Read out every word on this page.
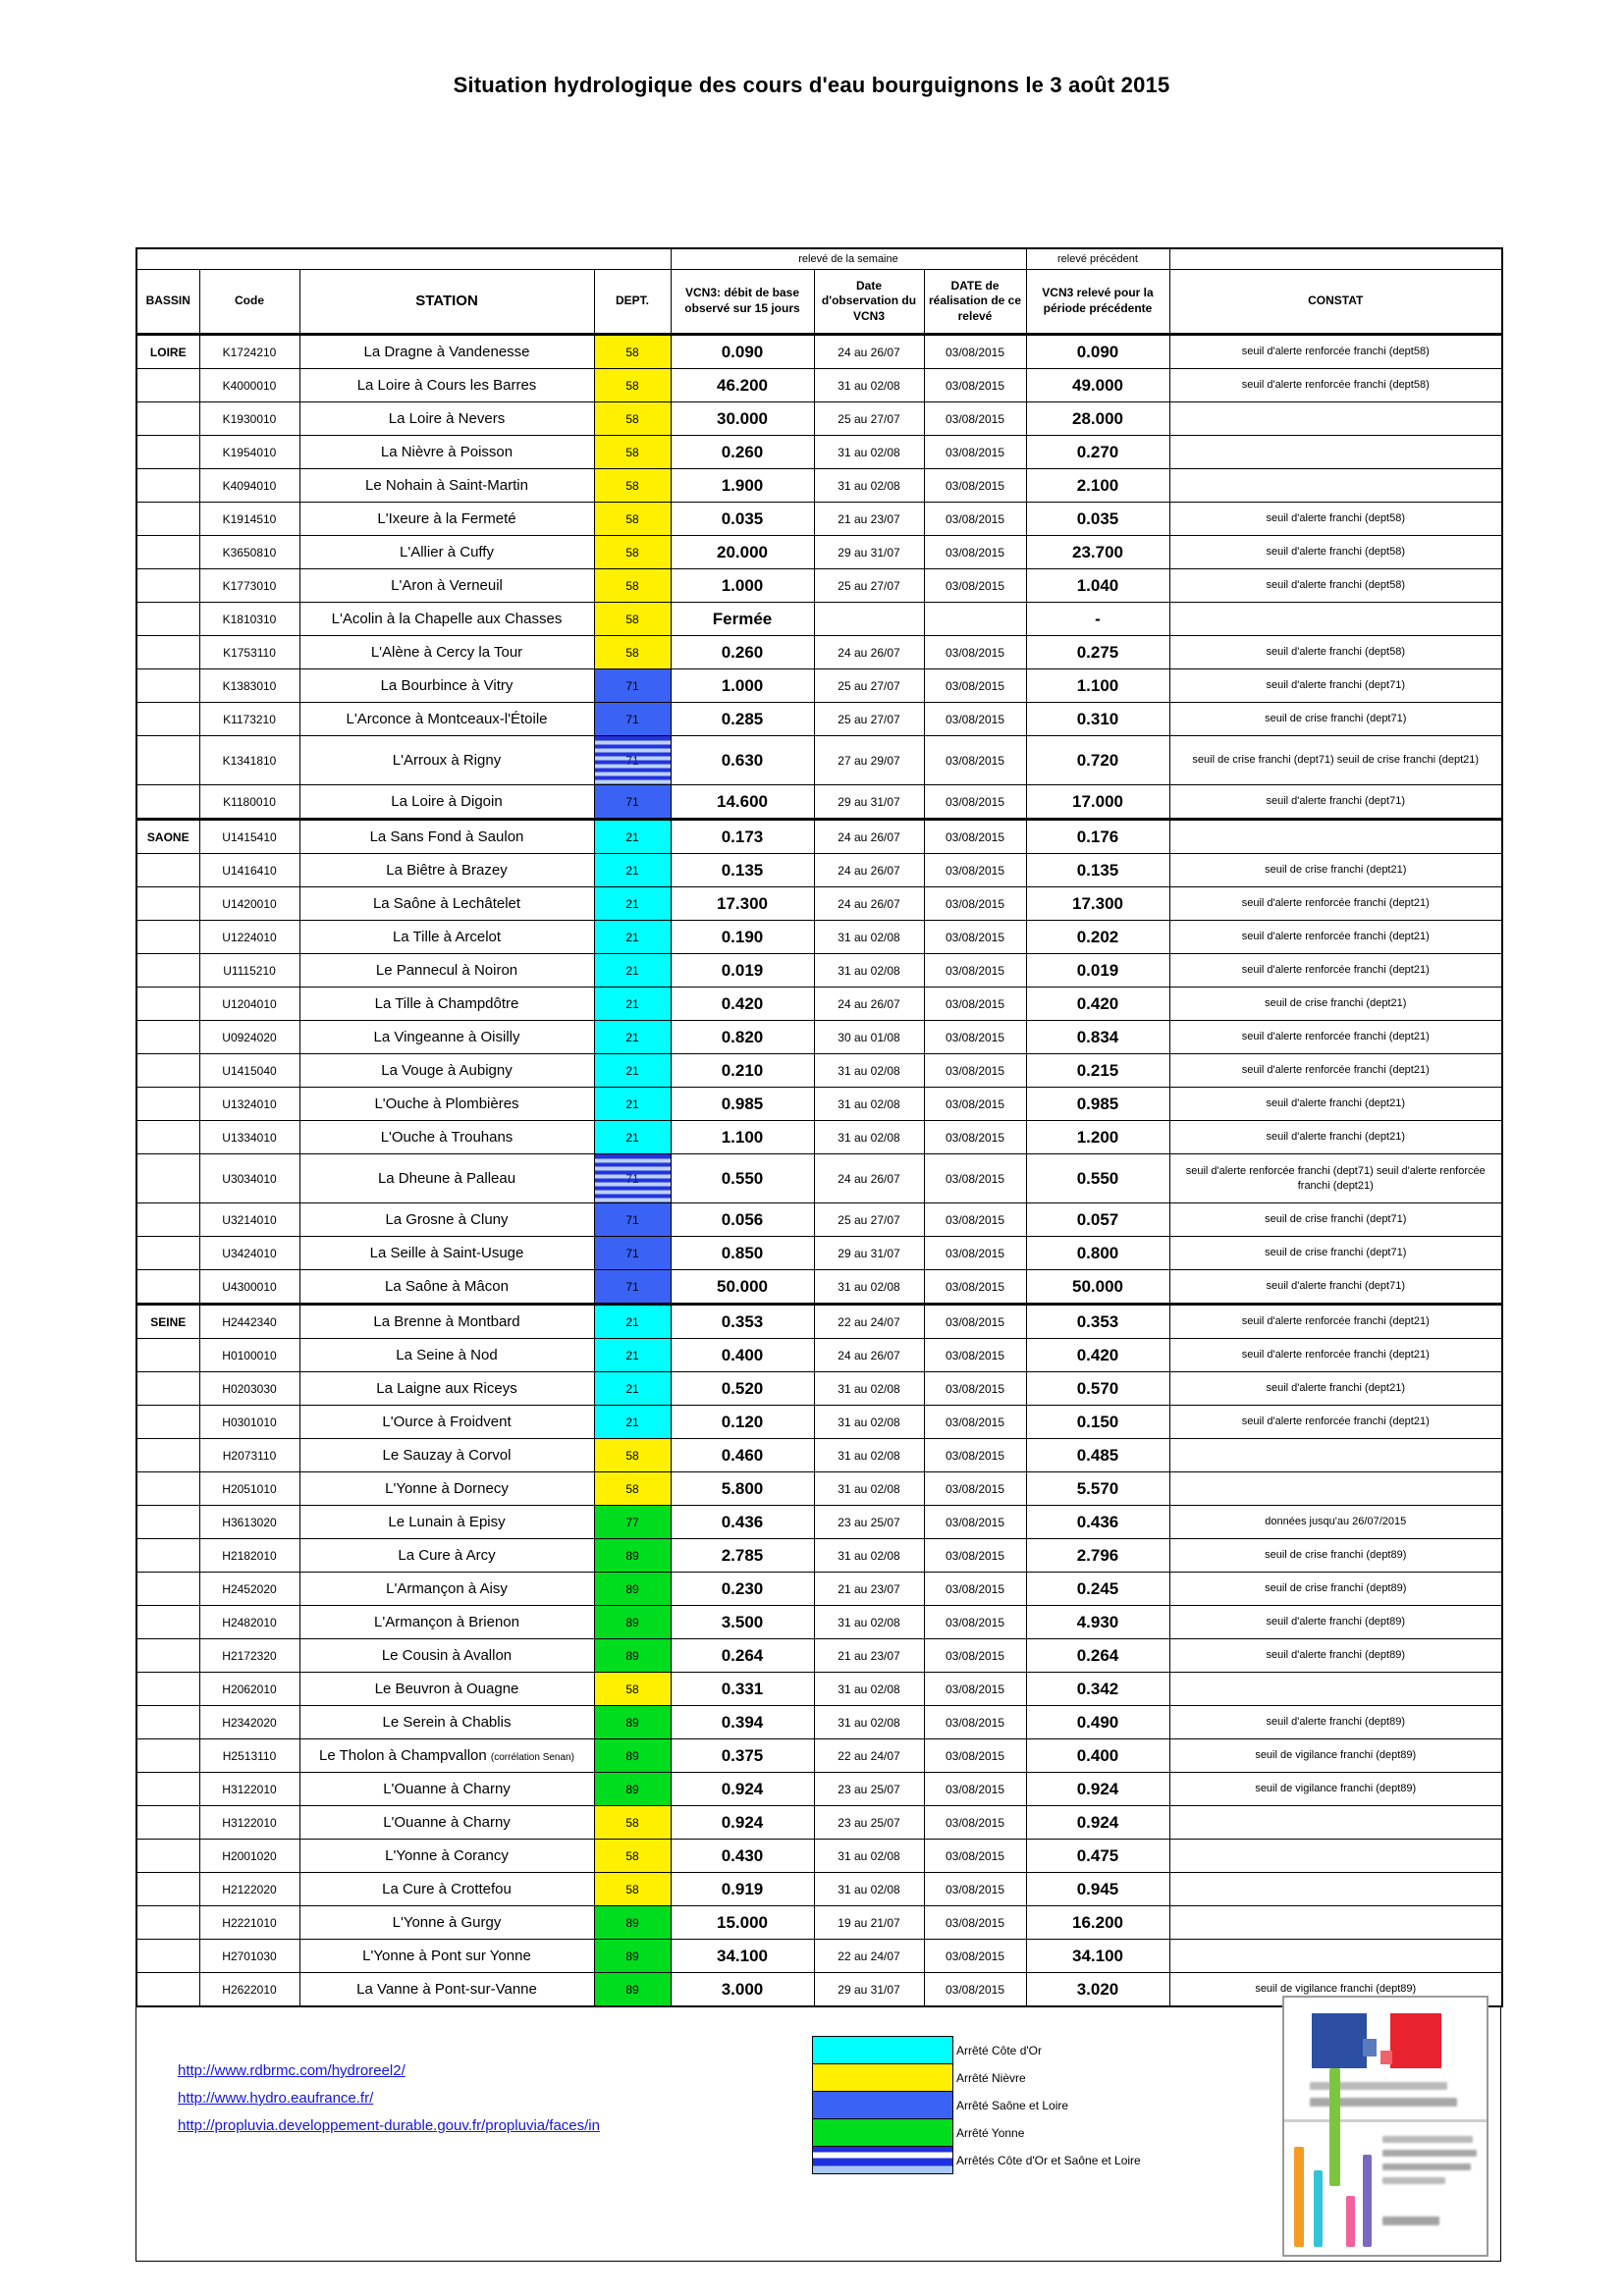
Situation hydrologique des cours d'eau bourguignons le 3 août 2015
				relevé de la semaine			relevé précédent	
BASSIN	Code	STATION	DEPT.	VCN3: débit de base observé sur 15 jours	Date d'observation du VCN3	DATE de réalisation de ce relevé	VCN3 relevé pour la période précédente	CONSTAT
LOIRE	K1724210	La Dragne à Vandenesse	58	0.090	24 au 26/07	03/08/2015	0.090	seuil d'alerte renforcée franchi (dept58)
	K4000010	La Loire à Cours les Barres	58	46.200	31 au 02/08	03/08/2015	49.000	seuil d'alerte renforcée franchi (dept58)
	K1930010	La Loire à Nevers	58	30.000	25 au 27/07	03/08/2015	28.000	
	K1954010	La Nièvre à Poisson	58	0.260	31 au 02/08	03/08/2015	0.270	
	K4094010	Le Nohain à Saint-Martin	58	1.900	31 au 02/08	03/08/2015	2.100	
	K1914510	L'Ixeure à la Fermeté	58	0.035	21 au 23/07	03/08/2015	0.035	seuil d'alerte franchi (dept58)
	K3650810	L'Allier à Cuffy	58	20.000	29 au 31/07	03/08/2015	23.700	seuil d'alerte franchi (dept58)
	K1773010	L'Aron à Verneuil	58	1.000	25 au 27/07	03/08/2015	1.040	seuil d'alerte franchi (dept58)
	K1810310	L'Acolin à la Chapelle aux Chasses	58	Fermée			-	
	K1753110	L'Alène à Cercy la Tour	58	0.260	24 au 26/07	03/08/2015	0.275	seuil d'alerte franchi (dept58)
	K1383010	La Bourbince à Vitry	71	1.000	25 au 27/07	03/08/2015	1.100	seuil d'alerte franchi (dept71)
	K1173210	L'Arconce à Montceaux-l'Étoile	71	0.285	25 au 27/07	03/08/2015	0.310	seuil de crise franchi (dept71)
	K1341810	L'Arroux à Rigny	71	0.630	27 au 29/07	03/08/2015	0.720	seuil de crise franchi (dept71) seuil de crise franchi (dept21)
	K1180010	La Loire à Digoin	71	14.600	29 au 31/07	03/08/2015	17.000	seuil d'alerte franchi (dept71)
SAONE	U1415410	La Sans Fond à Saulon	21	0.173	24 au 26/07	03/08/2015	0.176	
	U1416410	La Biêtre à Brazey	21	0.135	24 au 26/07	03/08/2015	0.135	seuil de crise franchi (dept21)
	U1420010	La Saône à Lechâtelet	21	17.300	24 au 26/07	03/08/2015	17.300	seuil d'alerte renforcée franchi (dept21)
	U1224010	La Tille à Arcelot	21	0.190	31 au 02/08	03/08/2015	0.202	seuil d'alerte renforcée franchi (dept21)
	U1115210	Le Pannecul à Noiron	21	0.019	31 au 02/08	03/08/2015	0.019	seuil d'alerte renforcée franchi (dept21)
	U1204010	La Tille à Champdôtre	21	0.420	24 au 26/07	03/08/2015	0.420	seuil de crise franchi (dept21)
	U0924020	La Vingeanne à Oisilly	21	0.820	30 au 01/08	03/08/2015	0.834	seuil d'alerte renforcée franchi (dept21)
	U1415040	La Vouge à Aubigny	21	0.210	31 au 02/08	03/08/2015	0.215	seuil d'alerte renforcée franchi (dept21)
	U1324010	L'Ouche à Plombières	21	0.985	31 au 02/08	03/08/2015	0.985	seuil d'alerte franchi (dept21)
	U1334010	L'Ouche à Trouhans	21	1.100	31 au 02/08	03/08/2015	1.200	seuil d'alerte franchi (dept21)
	U3034010	La Dheune à Palleau	71	0.550	24 au 26/07	03/08/2015	0.550	seuil d'alerte renforcée franchi (dept71) seuil d'alerte renforcée franchi (dept21)
	U3214010	La Grosne à Cluny	71	0.056	25 au 27/07	03/08/2015	0.057	seuil de crise franchi (dept71)
	U3424010	La Seille à Saint-Usuge	71	0.850	29 au 31/07	03/08/2015	0.800	seuil de crise franchi (dept71)
	U4300010	La Saône à Mâcon	71	50.000	31 au 02/08	03/08/2015	50.000	seuil d'alerte franchi (dept71)
SEINE	H2442340	La Brenne à Montbard	21	0.353	22 au 24/07	03/08/2015	0.353	seuil d'alerte renforcée franchi (dept21)
	H0100010	La Seine à Nod	21	0.400	24 au 26/07	03/08/2015	0.420	seuil d'alerte renforcée franchi (dept21)
	H0203030	La Laigne aux Riceys	21	0.520	31 au 02/08	03/08/2015	0.570	seuil d'alerte franchi (dept21)
	H0301010	L'Ource à Froidvent	21	0.120	31 au 02/08	03/08/2015	0.150	seuil d'alerte renforcée franchi (dept21)
	H2073110	Le Sauzay à Corvol	58	0.460	31 au 02/08	03/08/2015	0.485	
	H2051010	L'Yonne à Dornecy	58	5.800	31 au 02/08	03/08/2015	5.570	
	H3613020	Le Lunain à Episy	77	0.436	23 au 25/07	03/08/2015	0.436	données jusqu'au 26/07/2015
	H2182010	La Cure à Arcy	89	2.785	31 au 02/08	03/08/2015	2.796	seuil de crise franchi (dept89)
	H2452020	L'Armançon à Aisy	89	0.230	21 au 23/07	03/08/2015	0.245	seuil de crise franchi (dept89)
	H2482010	L'Armançon à Brienon	89	3.500	31 au 02/08	03/08/2015	4.930	seuil d'alerte franchi (dept89)
	H2172320	Le Cousin à Avallon	89	0.264	21 au 23/07	03/08/2015	0.264	seuil d'alerte franchi (dept89)
	H2062010	Le Beuvron à Ouagne	58	0.331	31 au 02/08	03/08/2015	0.342	
	H2342020	Le Serein à Chablis	89	0.394	31 au 02/08	03/08/2015	0.490	seuil d'alerte franchi (dept89)
	H2513110	Le Tholon à Champvallon (corrélation Senan)	89	0.375	22 au 24/07	03/08/2015	0.400	seuil de vigilance franchi (dept89)
	H3122010	L'Ouanne à Charny	89	0.924	23 au 25/07	03/08/2015	0.924	seuil de vigilance franchi (dept89)
	H3122010	L'Ouanne à Charny	58	0.924	23 au 25/07	03/08/2015	0.924	
	H2001020	L'Yonne à Corancy	58	0.430	31 au 02/08	03/08/2015	0.475	
	H2122020	La Cure à Crottefou	58	0.919	31 au 02/08	03/08/2015	0.945	
	H2221010	L'Yonne à Gurgy	89	15.000	19 au 21/07	03/08/2015	16.200	
	H2701030	L'Yonne à Pont sur Yonne	89	34.100	22 au 24/07	03/08/2015	34.100	
	H2622010	La Vanne à Pont-sur-Vanne	89	3.000	29 au 31/07	03/08/2015	3.020	seuil de vigilance franchi (dept89)
http://www.rdbrmc.com/hydroreel2/
http://www.hydro.eaufrance.fr/
http://propluvia.developpement-durable.gouv.fr/propluvia/faces/in
Arrêté Côte d'Or
Arrêté Nièvre
Arrêté Saône et Loire
Arrêté Yonne
Arrêtés Côte d'Or et Saône et Loire
